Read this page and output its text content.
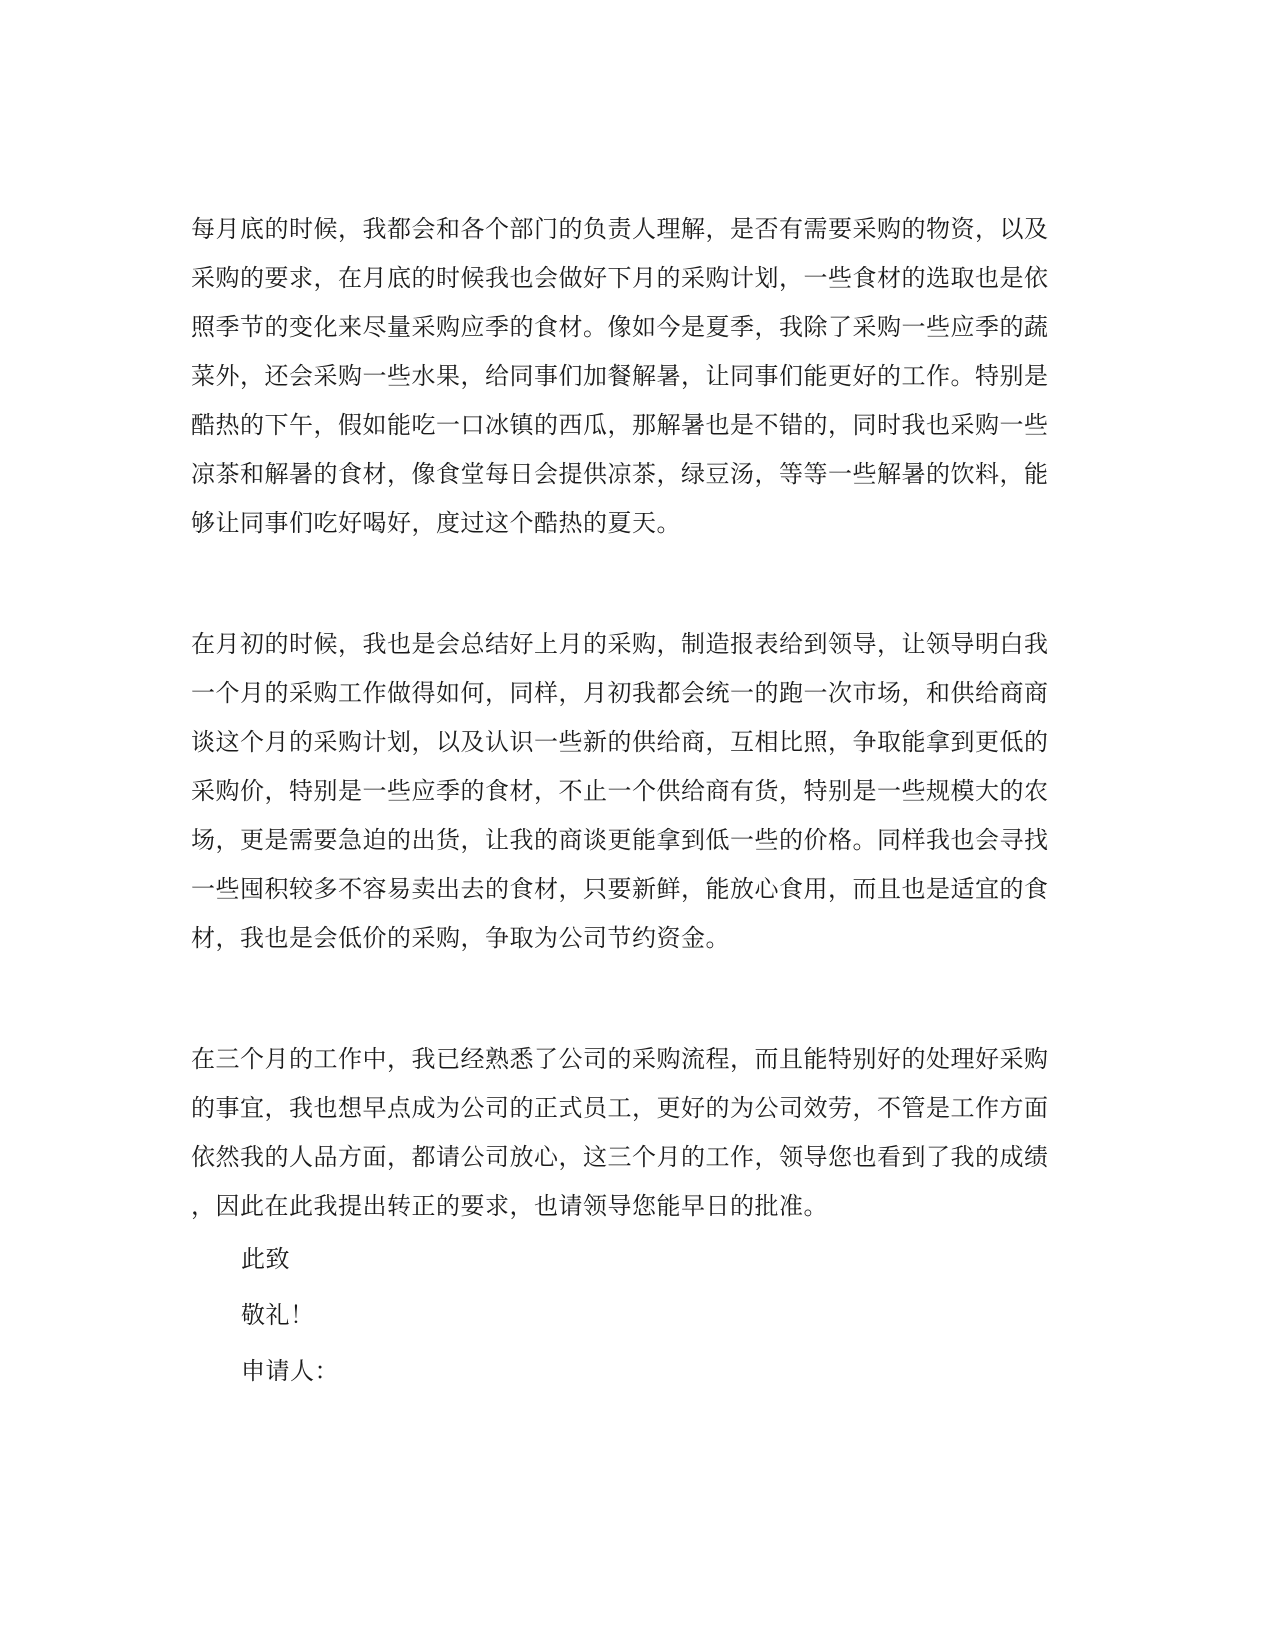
每月底的时候，我都会和各个部门的负责人理解，是否有需要采购的物资，以及
采购的要求，在月底的时候我也会做好下月的采购计划，一些食材的选取也是依
照季节的变化来尽量采购应季的食材。像如今是夏季，我除了采购一些应季的蔬
菜外，还会采购一些水果，给同事们加餐解暑，让同事们能更好的工作。特别是
酷热的下午，假如能吃一口冰镇的西瓜，那解暑也是不错的，同时我也采购一些
凉茶和解暑的食材，像食堂每日会提供凉茶，绿豆汤，等等一些解暑的饮料，能
够让同事们吃好喝好，度过这个酷热的夏天。
在月初的时候，我也是会总结好上月的采购，制造报表给到领导，让领导明白我
一个月的采购工作做得如何，同样，月初我都会统一的跑一次市场，和供给商商
谈这个月的采购计划，以及认识一些新的供给商，互相比照，争取能拿到更低的
采购价，特别是一些应季的食材，不止一个供给商有货，特别是一些规模大的农
场，更是需要急迫的出货，让我的商谈更能拿到低一些的价格。同样我也会寻找
一些囤积较多不容易卖出去的食材，只要新鲜，能放心食用，而且也是适宜的食
材，我也是会低价的采购，争取为公司节约资金。
在三个月的工作中，我已经熟悉了公司的采购流程，而且能特别好的处理好采购
的事宜，我也想早点成为公司的正式员工，更好的为公司效劳，不管是工作方面
依然我的人品方面，都请公司放心，这三个月的工作，领导您也看到了我的成绩
，因此在此我提出转正的要求，也请领导您能早日的批准。
此致
敬礼！
申请人：
